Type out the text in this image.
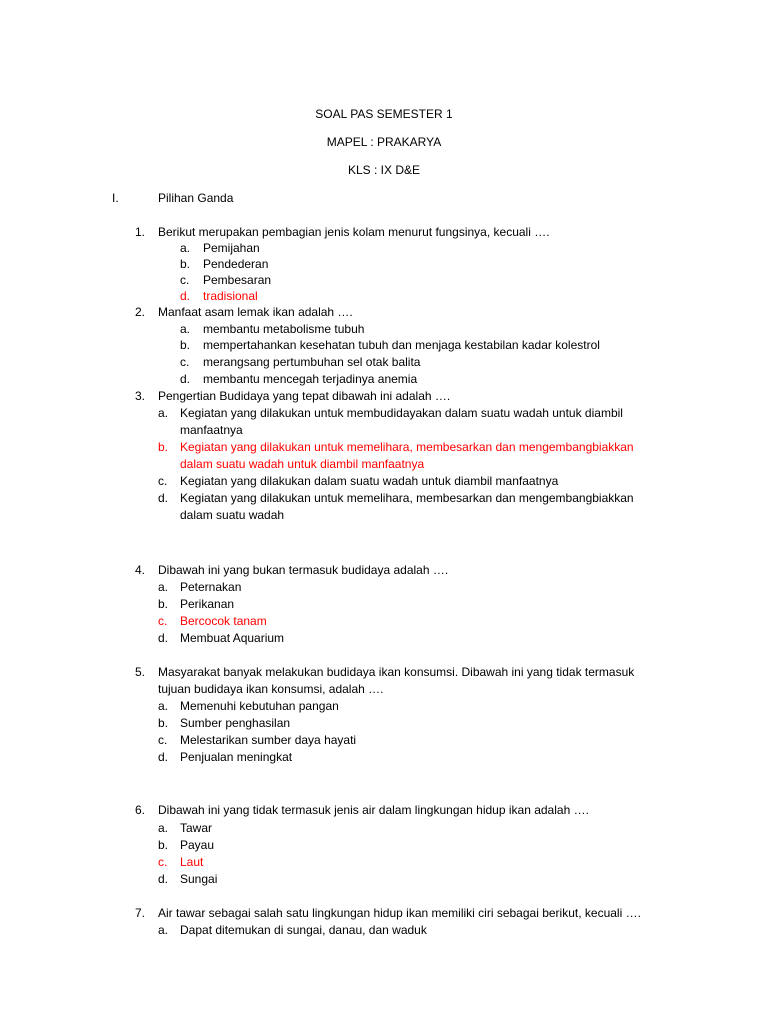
SOAL PAS SEMESTER 1
MAPEL : PRAKARYA
KLS : IX D&E
I.	Pilihan Ganda
1. Berikut merupakan pembagian jenis kolam menurut fungsinya, kecuali ….
a. Pemijahan
b. Pendederan
c. Pembesaran
d. tradisional
2. Manfaat asam lemak ikan adalah ….
a. membantu metabolisme tubuh
b. mempertahankan kesehatan tubuh dan menjaga kestabilan kadar kolestrol
c. merangsang pertumbuhan sel otak balita
d. membantu mencegah terjadinya anemia
3. Pengertian Budidaya yang tepat dibawah ini adalah ….
a. Kegiatan yang dilakukan untuk membudidayakan dalam suatu wadah untuk diambil
manfaatnya
b. Kegiatan yang dilakukan untuk memelihara, membesarkan dan mengembangbiakkan
dalam suatu wadah untuk diambil manfaatnya
c. Kegiatan yang dilakukan dalam suatu wadah untuk diambil manfaatnya
d. Kegiatan yang dilakukan untuk memelihara, membesarkan dan mengembangbiakkan
dalam suatu wadah
4. Dibawah ini yang bukan termasuk budidaya adalah ….
a. Peternakan
b. Perikanan
c. Bercocok tanam
d. Membuat Aquarium
5. Masyarakat banyak melakukan budidaya ikan konsumsi. Dibawah ini yang tidak termasuk
tujuan budidaya ikan konsumsi, adalah ….
a. Memenuhi kebutuhan pangan
b. Sumber penghasilan
c. Melestarikan sumber daya hayati
d. Penjualan meningkat
6. Dibawah ini yang tidak termasuk jenis air dalam lingkungan hidup ikan adalah ….
a. Tawar
b. Payau
c. Laut
d. Sungai
7. Air tawar sebagai salah satu lingkungan hidup ikan memiliki ciri sebagai berikut, kecuali ….
a. Dapat ditemukan di sungai, danau, dan waduk
